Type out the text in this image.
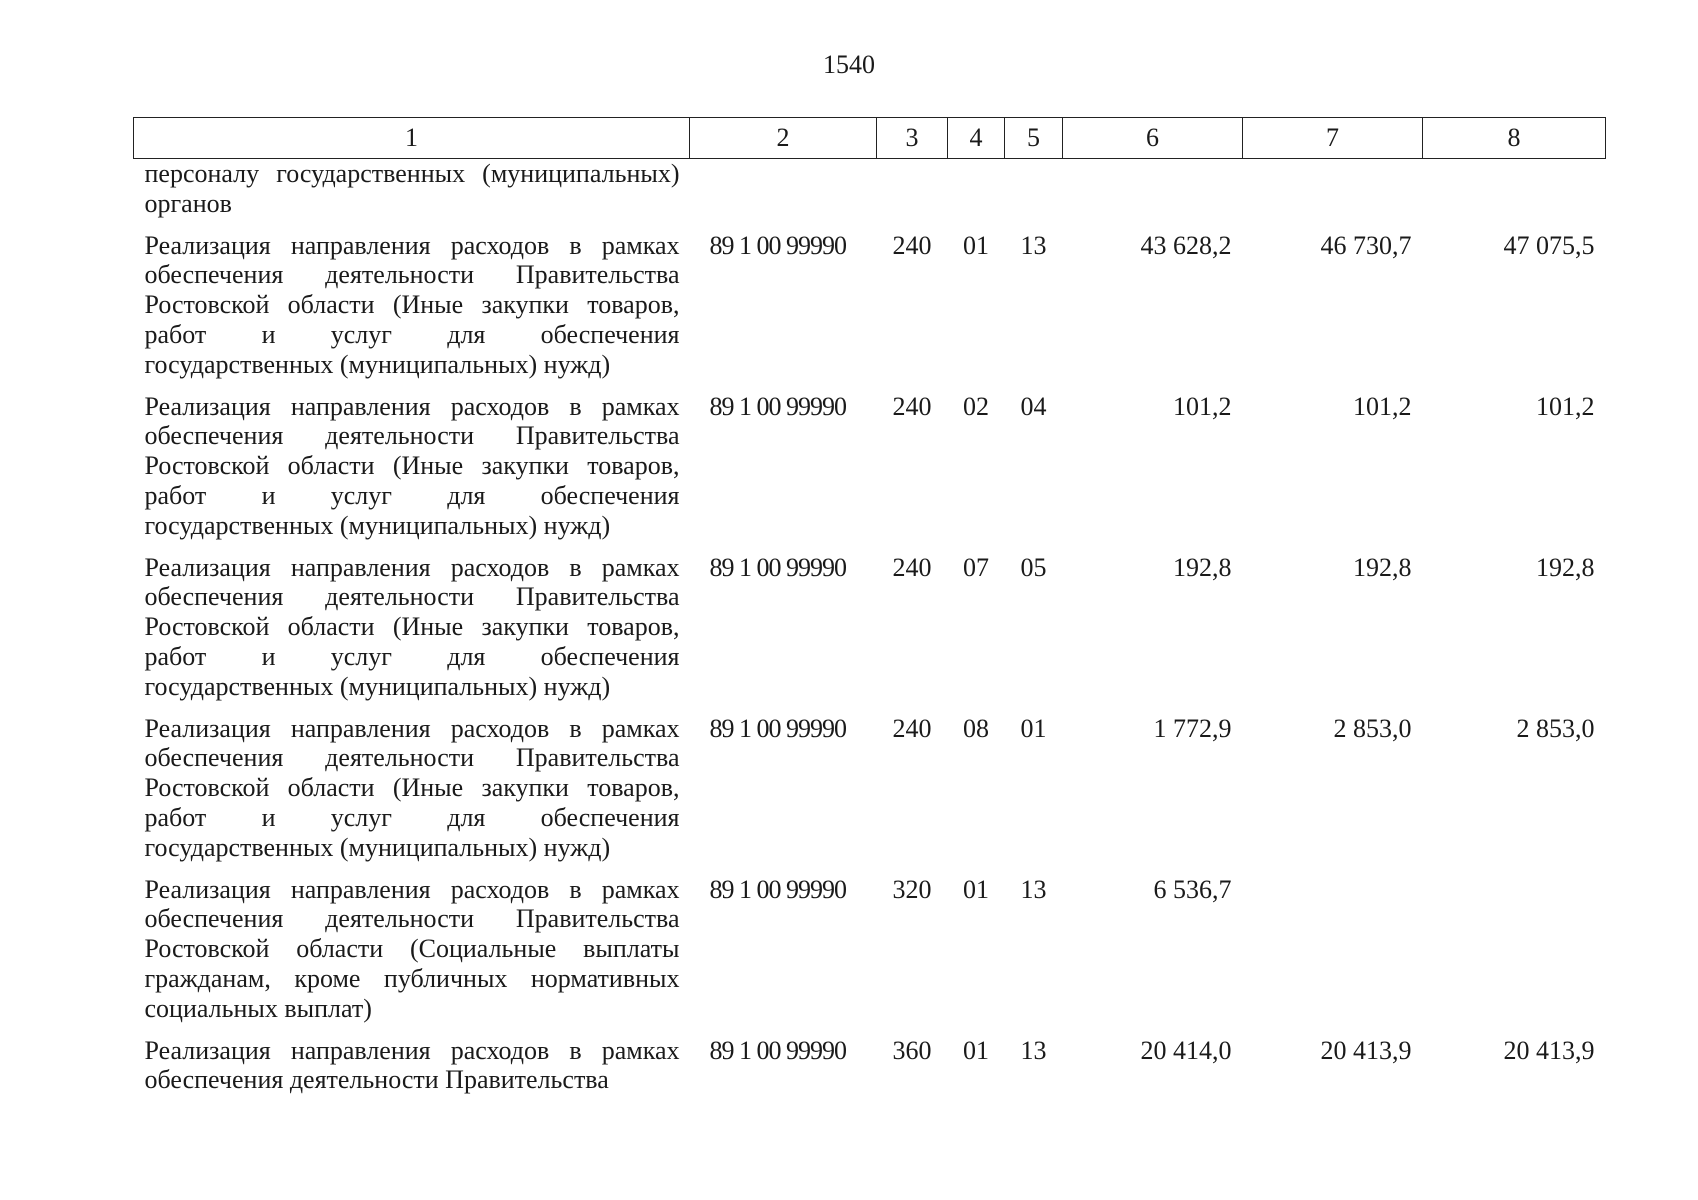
1540
1	2	3	4	5	6	7	8
персоналу государственных (муниципальных) органов							
Реализация направления расходов в рамках обеспечения деятельности Правительства Ростовской области (Иные закупки товаров, работ и услуг для обеспечения государственных (муниципальных) нужд)	89 1 00 99990	240	01	13	43 628,2	46 730,7	47 075,5
Реализация направления расходов в рамках обеспечения деятельности Правительства Ростовской области (Иные закупки товаров, работ и услуг для обеспечения государственных (муниципальных) нужд)	89 1 00 99990	240	02	04	101,2	101,2	101,2
Реализация направления расходов в рамках обеспечения деятельности Правительства Ростовской области (Иные закупки товаров, работ и услуг для обеспечения государственных (муниципальных) нужд)	89 1 00 99990	240	07	05	192,8	192,8	192,8
Реализация направления расходов в рамках обеспечения деятельности Правительства Ростовской области (Иные закупки товаров, работ и услуг для обеспечения государственных (муниципальных) нужд)	89 1 00 99990	240	08	01	1 772,9	2 853,0	2 853,0
Реализация направления расходов в рамках обеспечения деятельности Правительства Ростовской области (Социальные выплаты гражданам, кроме публичных нормативных социальных выплат)	89 1 00 99990	320	01	13	6 536,7		
Реализация направления расходов в рамках обеспечения деятельности Правительства	89 1 00 99990	360	01	13	20 414,0	20 413,9	20 413,9
